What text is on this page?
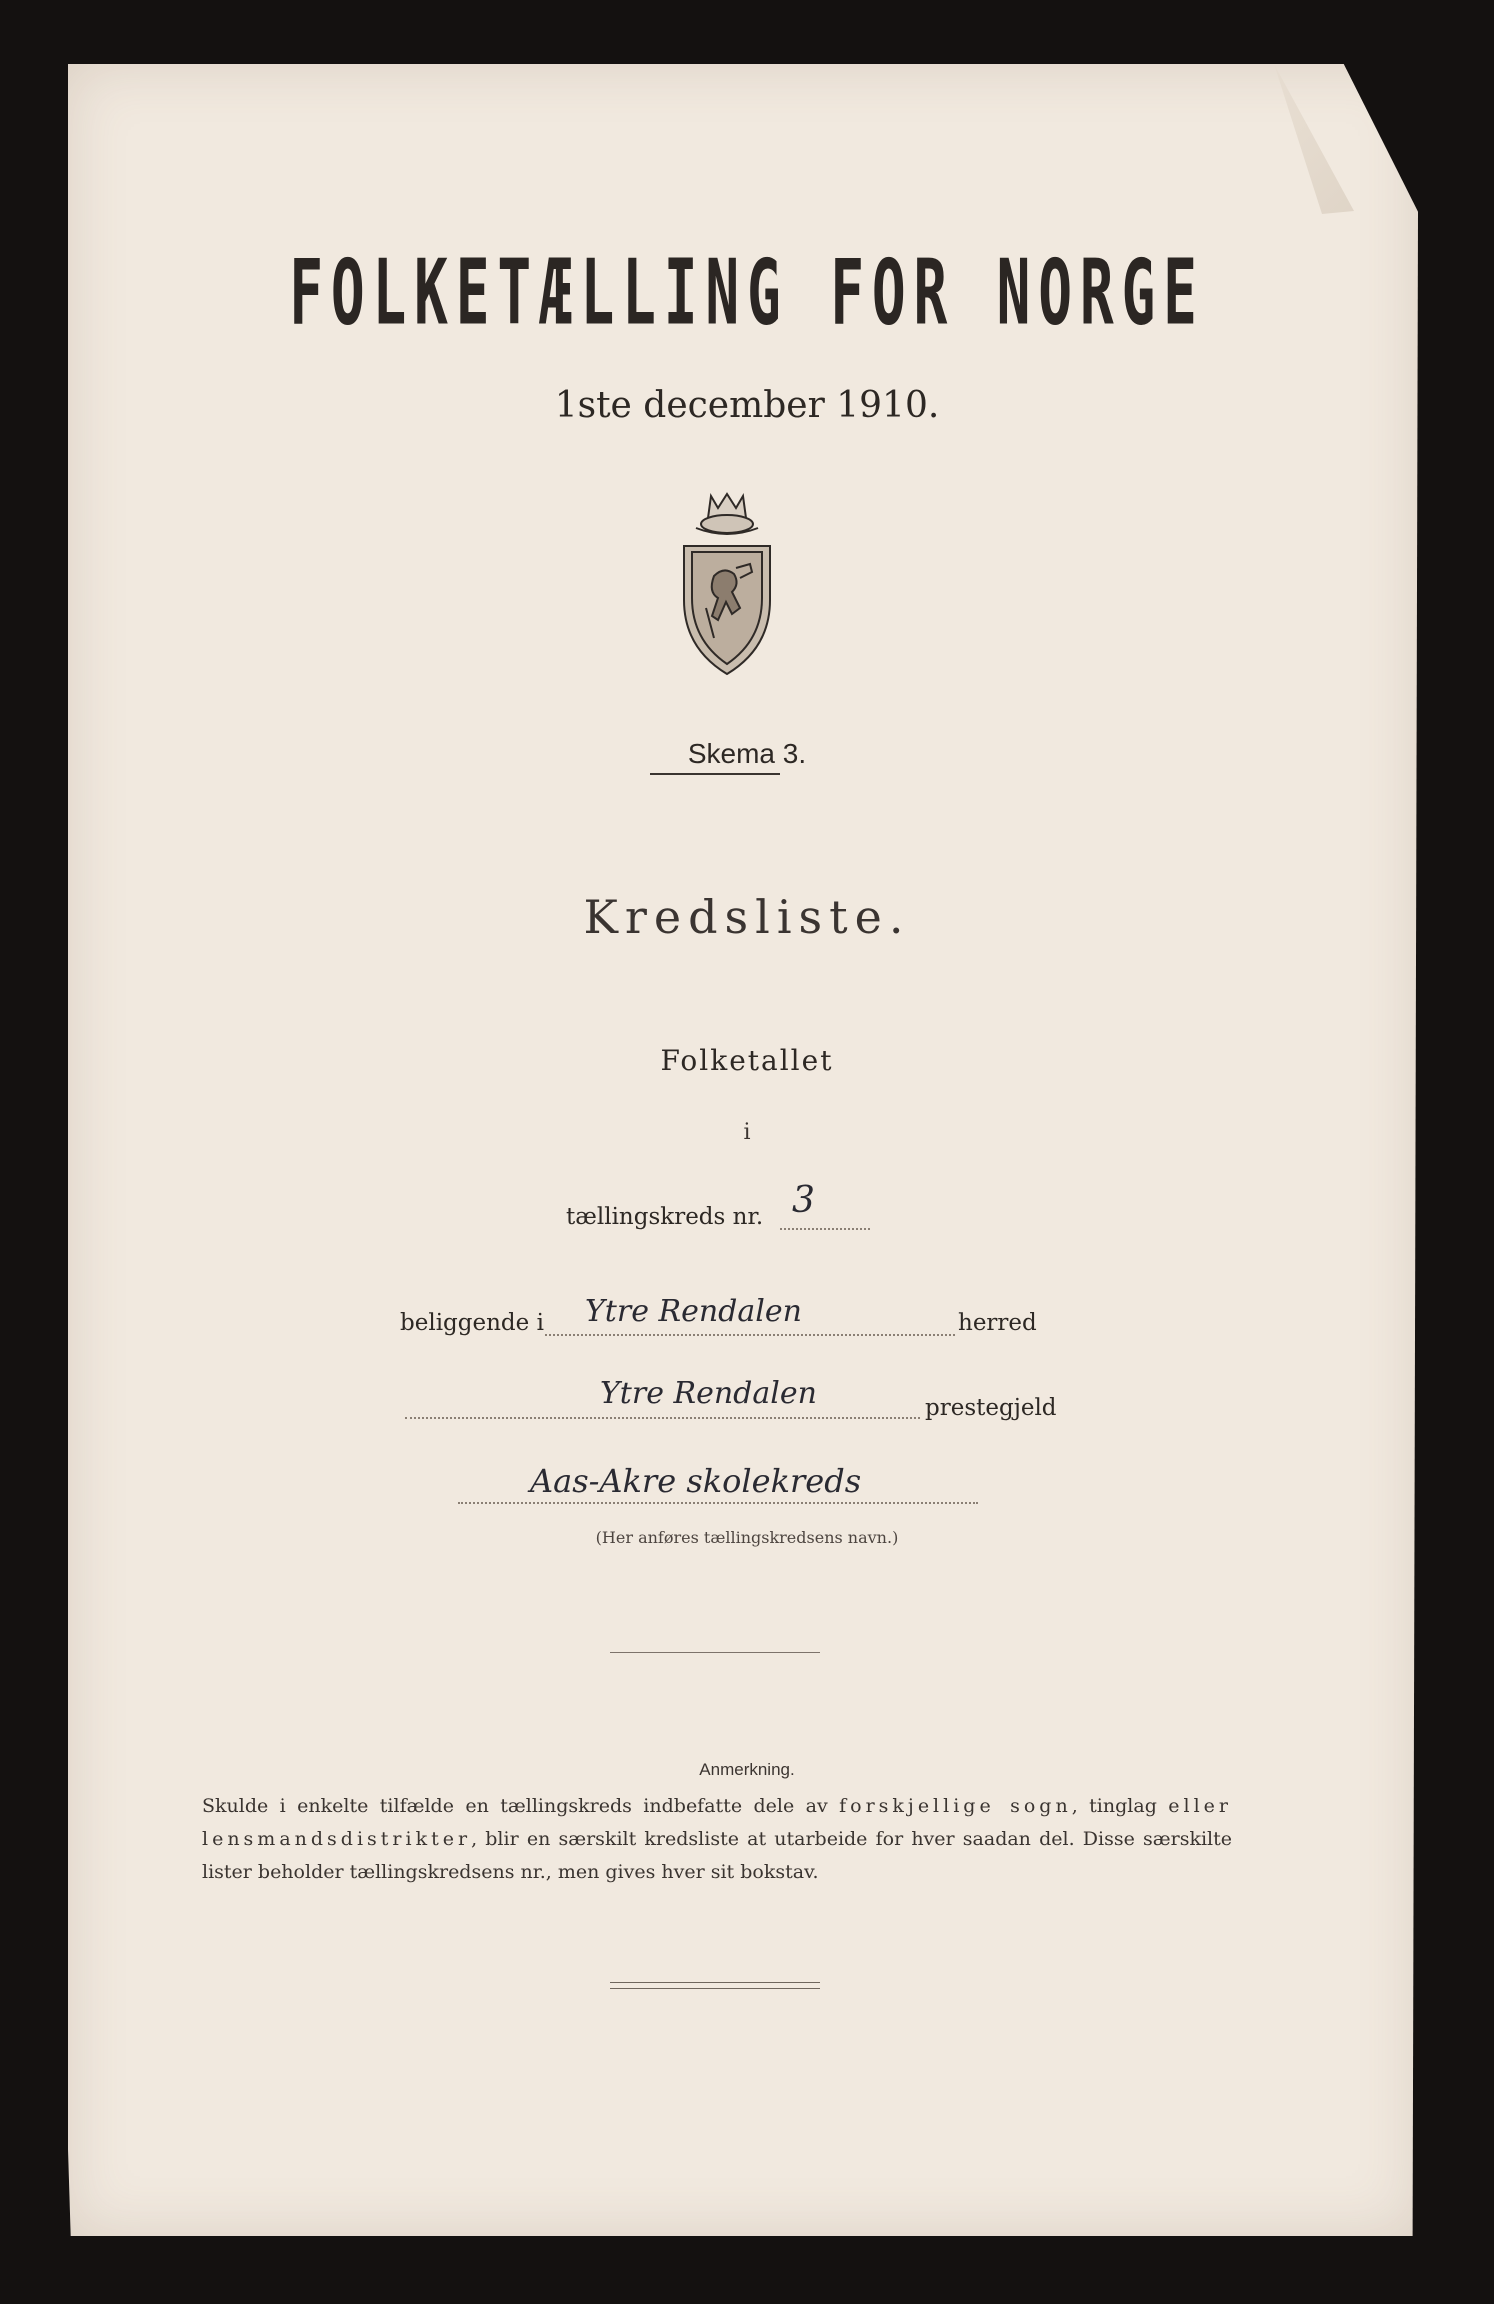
FOLKETÆLLING FOR NORGE
1ste december 1910.
Skema 3.
Kredsliste.
Folketallet
i
tællingskreds nr. 3
beliggende i Ytre Rendalen	herred
Ytre Rendalen	prestegjeld
Aas-Akre skolekreds
(Her anføres tællingskredsens navn.)
Anmerkning.
Skulde i enkelte tilfælde en tællingskreds indbefatte dele av forskjellige sogn, tinglag eller lensmandsdistrikter, blir en særskilt kredsliste at utarbeide for hver saadan del. Disse særskilte lister beholder tællingskredsens nr., men gives hver sit bokstav.
